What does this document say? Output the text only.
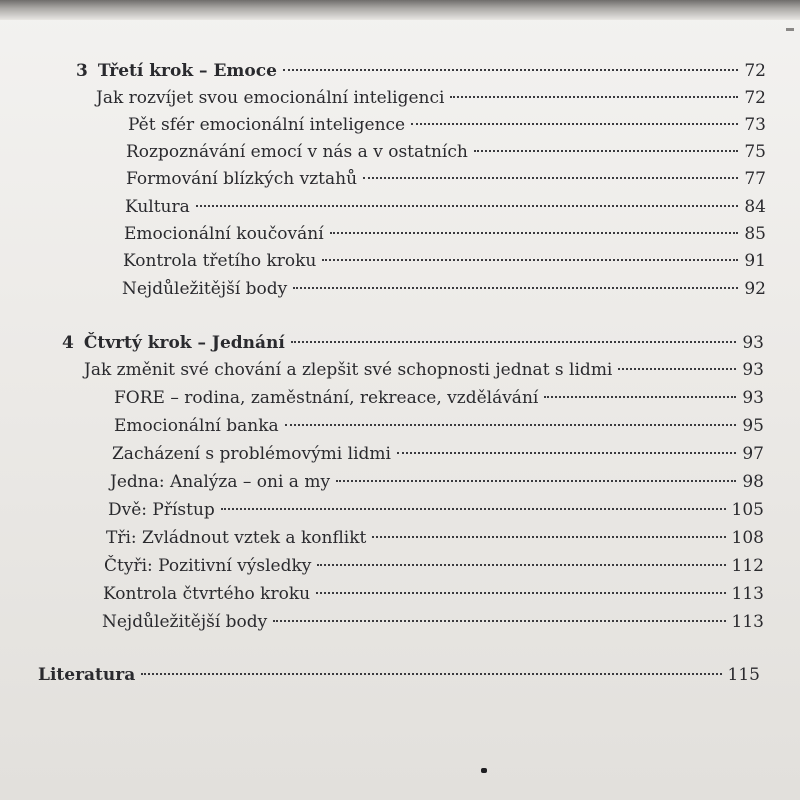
3 Třetí krok – Emoce	72
Jak rozvíjet svou emocionální inteligenci	72
Pět sfér emocionální inteligence	73
Rozpoznávání emocí v nás a v ostatních	75
Formování blízkých vztahů	77
Kultura	84
Emocionální koučování	85
Kontrola třetího kroku	91
Nejdůležitější body	92
4 Čtvrtý krok – Jednání	93
Jak změnit své chování a zlepšit své schopnosti jednat s lidmi	93
FORE – rodina, zaměstnání, rekreace, vzdělávání	93
Emocionální banka	95
Zacházení s problémovými lidmi	97
Jedna: Analýza – oni a my	98
Dvě: Přístup	105
Tři: Zvládnout vztek a konflikt	108
Čtyři: Pozitivní výsledky	112
Kontrola čtvrtého kroku	113
Nejdůležitější body	113
Literatura	115
